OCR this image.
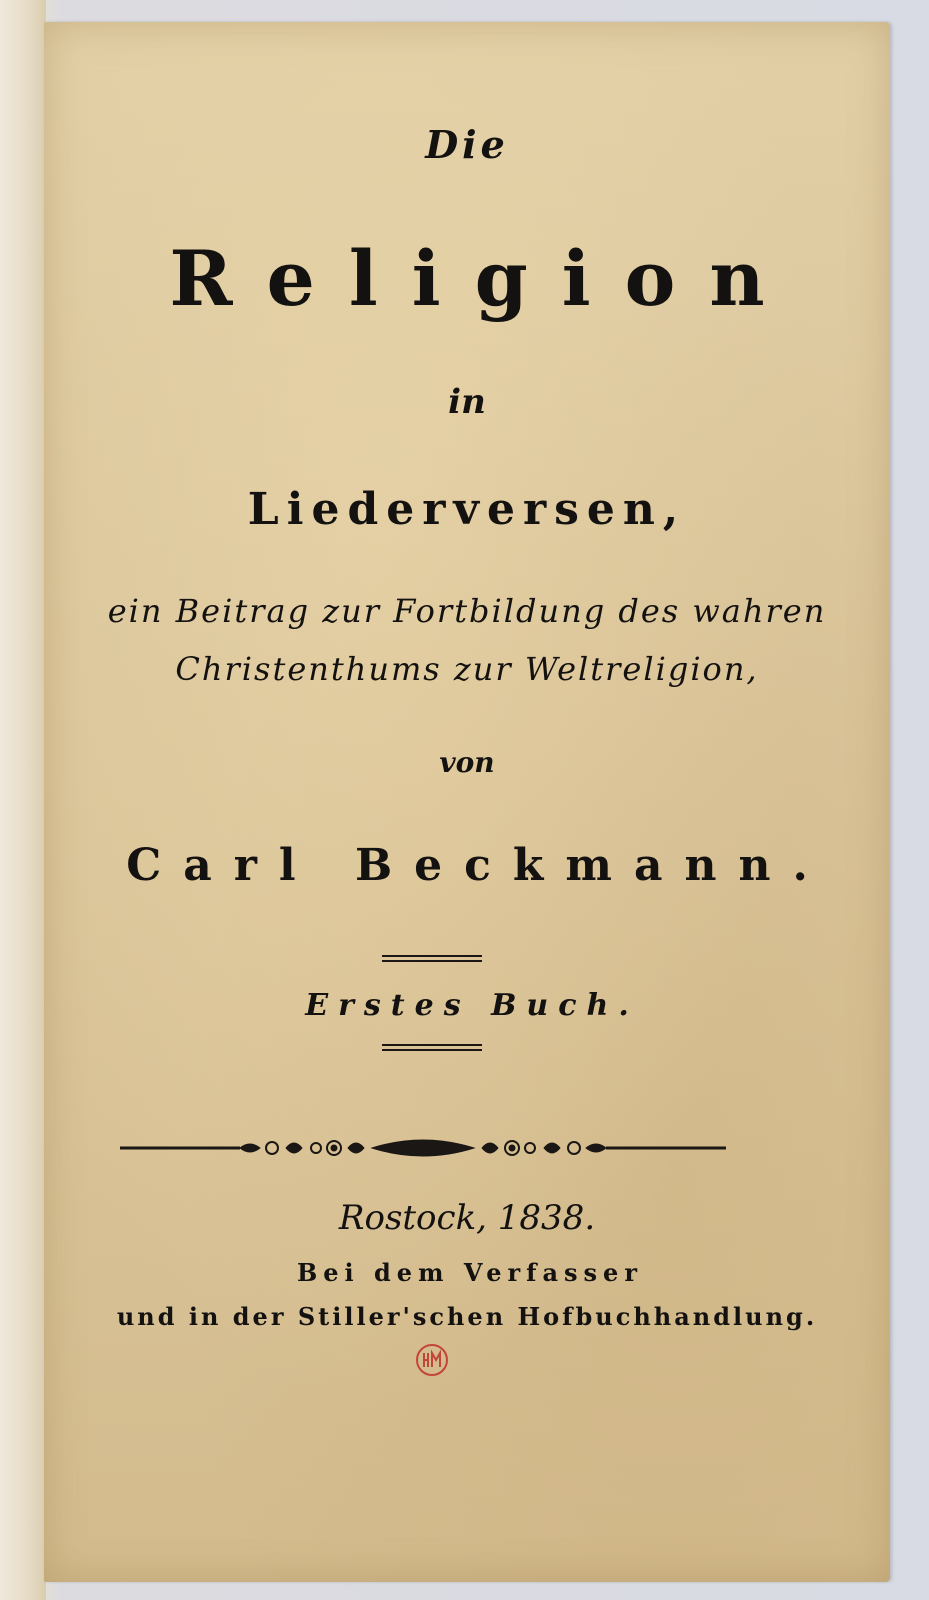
Die
Religion
in
Liederversen,
ein Beitrag zur Fortbildung des wahren
Christenthums zur Weltreligion,
von
Carl Beckmann.
Erstes Buch.
Rostock, 1838.
Bei dem Verfasser
und in der Stiller'schen Hofbuchhandlung.
